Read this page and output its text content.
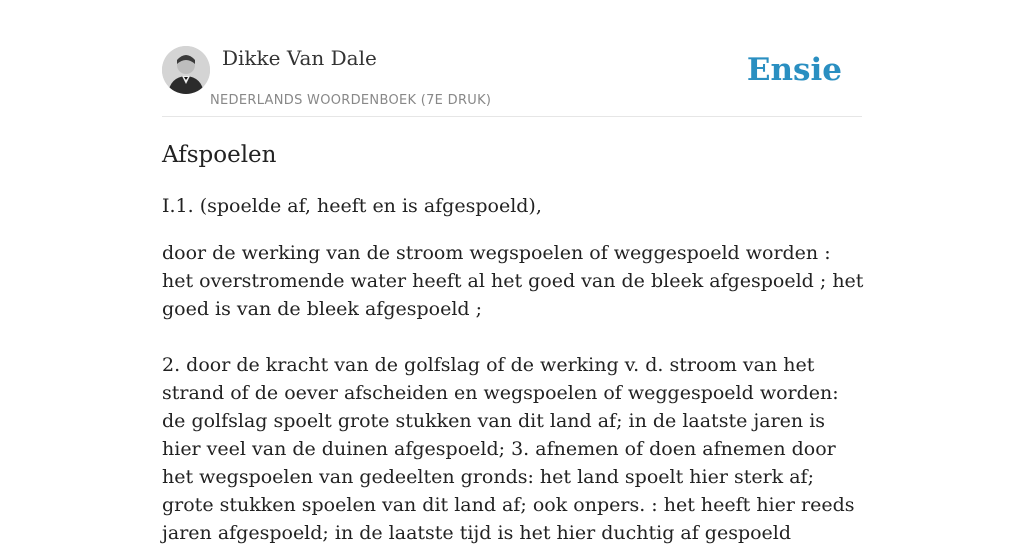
Dikke Van Dale
NEDERLANDS WOORDENBOEK (7E DRUK)
Ensie
Afspoelen

I.1. (spoelde af, heeft en is afgespoeld),

door de werking van de stroom wegspoelen of weggespoeld worden : het overstromende water heeft al het goed van de bleek afgespoeld ; het goed is van de bleek afgespoeld ;

2. door de kracht van de golfslag of de werking v. d. stroom van het strand of de oever afscheiden en wegspoelen of weggespoeld worden: de golfslag spoelt grote stukken van dit land af; in de laatste jaren is hier veel van de duinen afgespoeld; 3. afnemen of doen afnemen door het wegspoelen van gedeelten gronds: het land spoelt hier sterk af; grote stukken spoelen van dit land af; ook onpers. : het heeft hier reeds jaren afgespoeld; in de laatste tijd is het hier duchtig af gespoeld
